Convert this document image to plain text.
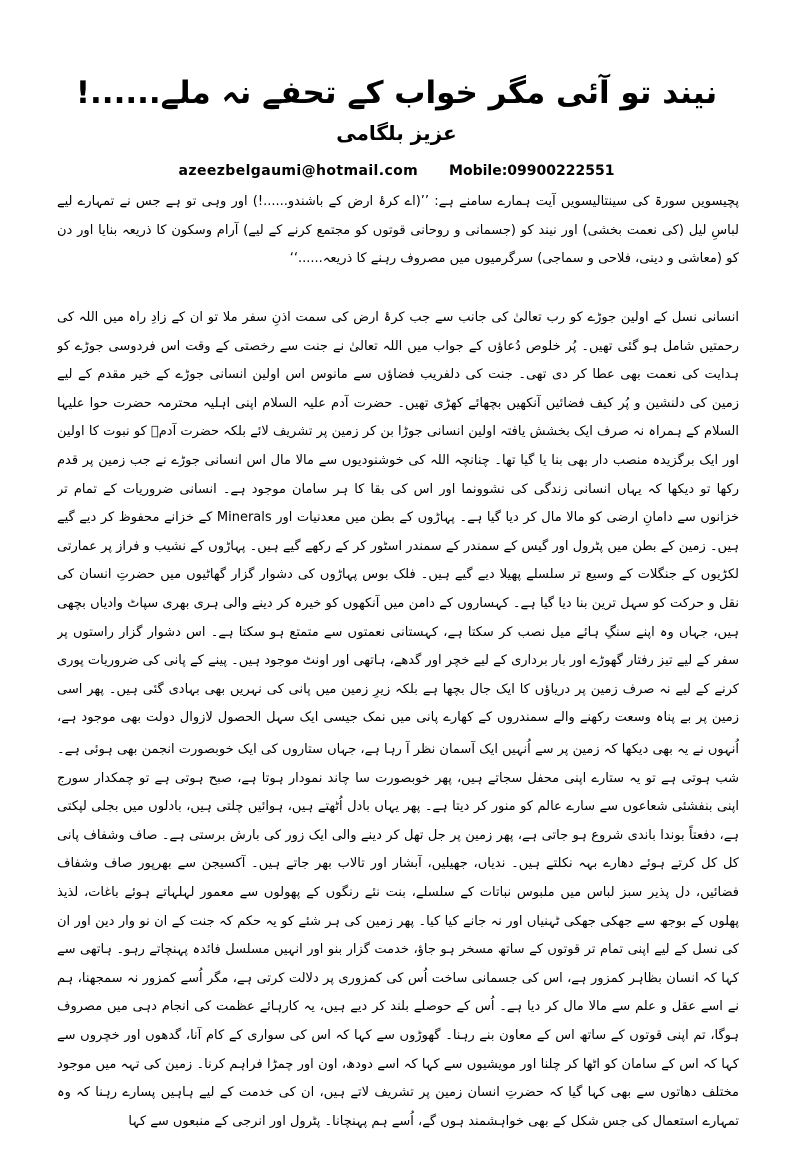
نیند تو آئی مگر خواب کے تحفے نہ ملے......!
عزیز بلگامی
azeezbelgaumi@hotmail.com Mobile:09900222551

پچیسویں سورۃ کی سینتالیسویں آیت ہمارے سامنے ہے: ’’(اے کرۂ ارض کے باشندو......!) اور وہی تو ہے جس نے تمہارے لیے لباسِ لیل (کی نعمت بخشی) اور نیند کو (جسمانی و روحانی قوتوں کو مجتمع کرنے کے لیے) آرام وسکون کا ذریعہ بنایا اور دن کو (معاشی و دینی، فلاحی و سماجی) سرگرمیوں میں مصروف رہنے کا ذریعہ......‘‘

انسانی نسل کے اولین جوڑے کو رب تعالیٰ کی جانب سے جب کرۂ ارض کی سمت اذنِ سفر ملا تو ان کے زادِ راہ میں اللہ کی رحمتیں شامل ہو گئی تھیں۔ پُر خلوص دُعاؤں کے جواب میں اللہ تعالیٰ نے جنت سے رخصتی کے وقت اس فردوسی جوڑے کو ہدایت کی نعمت بھی عطا کر دی تھی۔ جنت کی دلفریب فضاؤں سے مانوس اس اولین انسانی جوڑے کے خیر مقدم کے لیے زمین کی دلنشین و پُر کیف فضائیں آنکھیں بچھائے کھڑی تھیں۔ حضرت آدم علیہ السلام اپنی اہلیہ محترمہ حضرت حوا علیہا السلام کے ہمراہ نہ صرف ایک بخشش یافتہ اولین انسانی جوڑا بن کر زمین پر تشریف لائے بلکہ حضرت آدمؑ کو نبوت کا اولین اور ایک برگزیدہ منصب دار بھی بنا یا گیا تھا۔ چنانچہ اللہ کی خوشنودیوں سے مالا مال اس انسانی جوڑے نے جب زمین پر قدم رکھا تو دیکھا کہ یہاں انسانی زندگی کی نشوونما اور اس کی بقا کا ہر سامان موجود ہے۔ انسانی ضروریات کے تمام تر خزانوں سے دامانِ ارضی کو مالا مال کر دیا گیا ہے۔ پہاڑوں کے بطن میں معدنیات اور Minerals کے خزانے محفوظ کر دیے گیے ہیں۔ زمین کے بطن میں پٹرول اور گیس کے سمندر کے سمندر اسٹور کر کے رکھے گیے ہیں۔ پہاڑوں کے نشیب و فراز پر عمارتی لکڑیوں کے جنگلات کے وسیع تر سلسلے پھیلا دیے گیے ہیں۔ فلک بوس پہاڑوں کی دشوار گزار گھاٹیوں میں حضرتِ انسان کی نقل و حرکت کو سہل ترین بنا دیا گیا ہے۔ کہساروں کے دامن میں آنکھوں کو خیرہ کر دینے والی ہری بھری سپاٹ وادیاں بچھی ہیں، جہاں وہ اپنے سنگِ ہائے میل نصب کر سکتا ہے، کہستانی نعمتوں سے متمتع ہو سکتا ہے۔ اس دشوار گزار راستوں پر سفر کے لیے تیز رفتار گھوڑے اور بار برداری کے لیے خچر اور گدھے، ہاتھی اور اونٹ موجود ہیں۔ پینے کے پانی کی ضروریات پوری کرنے کے لیے نہ صرف زمین پر دریاؤں کا ایک جال بچھا ہے بلکہ زیرِ زمین میں پانی کی نہریں بھی بہادی گئی ہیں۔ پھر اسی زمین پر بے پناہ وسعت رکھنے والے سمندروں کے کھارے پانی میں نمک جیسی ایک سہل الحصول لازوال دولت بھی موجود ہے،

اُنہوں نے یہ بھی دیکھا کہ زمین پر سے اُنہیں ایک آسمان نظر آ رہا ہے، جہاں ستاروں کی ایک خوبصورت انجمن بھی ہوئی ہے۔ شب ہوتی ہے تو یہ ستارے اپنی محفل سجاتے ہیں، پھر خوبصورت سا چاند نمودار ہوتا ہے، صبح ہوتی ہے تو چمکدار سورج اپنی بنفشئی شعاعوں سے سارے عالم کو منور کر دیتا ہے۔ پھر یہاں بادل اُٹھتے ہیں، ہوائیں چلتی ہیں، بادلوں میں بجلی لپکتی ہے، دفعتاً بوندا باندی شروع ہو جاتی ہے، پھر زمین پر جل تھل کر دینے والی ایک زور کی بارش برستی ہے۔ صاف وشفاف پانی کل کل کرتے ہوئے دھارے بہہ نکلتے ہیں۔ ندیاں، جھیلیں، آبشار اور تالاب بھر جاتے ہیں۔ آکسیجن سے بھرپور صاف وشفاف فضائیں، دل پذیر سبز لباس میں ملبوس نباتات کے سلسلے، بنت نئے رنگوں کے پھولوں سے معمور لہلہاتے ہوئے باغات، لذیذ پھلوں کے بوجھ سے جھکی جھکی ٹہنیاں اور نہ جانے کیا کیا۔ پھر زمین کی ہر شئے کو یہ حکم کہ جنت کے ان نو وار دین اور ان کی نسل کے لیے اپنی تمام تر قوتوں کے ساتھ مسخر ہو جاؤ، خدمت گزار بنو اور انہیں مسلسل فائدہ پہنچاتے رہو۔ ہاتھی سے کہا کہ انسان بظاہر کمزور ہے، اس کی جسمانی ساخت اُس کی کمزوری پر دلالت کرتی ہے، مگر اُسے کمزور نہ سمجھنا، ہم نے اسے عقل و علم سے مالا مال کر دیا ہے۔ اُس کے حوصلے بلند کر دیے ہیں، یہ کارہائے عظمت کی انجام دہی میں مصروف ہوگا، تم اپنی قوتوں کے ساتھ اس کے معاون بنے رہنا۔ گھوڑوں سے کہا کہ اس کی سواری کے کام آنا، گدھوں اور خچروں سے کہا کہ اس کے سامان کو اٹھا کر چلنا اور مویشیوں سے کہا کہ اسے دودھ، اون اور چمڑا فراہم کرنا۔ زمین کی تہہ میں موجود مختلف دھاتوں سے بھی کہا گیا کہ حضرتِ انسان زمین پر تشریف لاتے ہیں، ان کی خدمت کے لیے ہاہیں پسارے رہنا کہ وہ تمہارے استعمال کی جس شکل کے بھی خواہشمند ہوں گے، اُسے ہم پہنچانا۔ پٹرول اور انرجی کے منبعوں سے کہا
